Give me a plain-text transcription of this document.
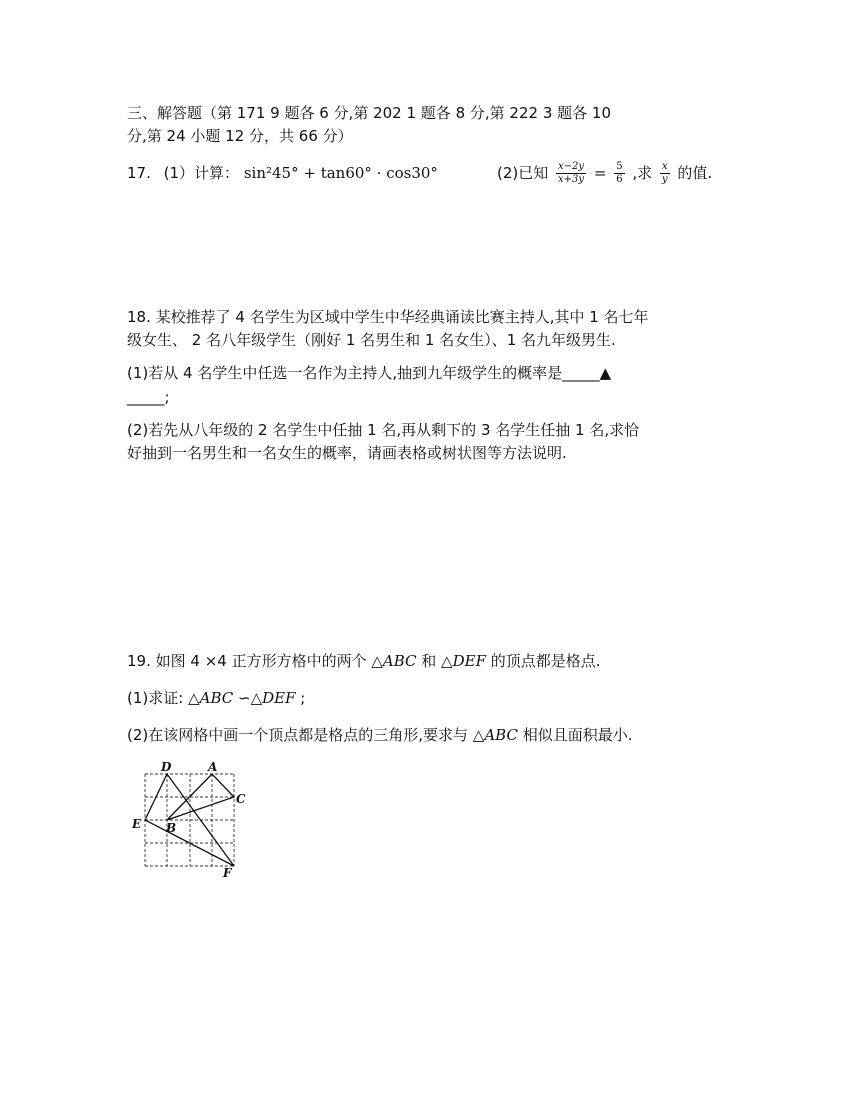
三、解答题（第 171 9 题各 6 分,第 202 1 题各 8 分,第 222 3 题各 10
分,第 24 小题 12 分，共 66 分）
17. (1）计算： sin²45° + tan60° · cos30°	(2)已知 $\frac{x-2y}{x+3y} = \frac{5}{6}$ ,求 $\frac{x}{y}$ 的值.
18. 某校推荐了 4 名学生为区域中学生中华经典诵读比赛主持人,其中 1 名七年
级女生、 2 名八年级学生（刚好 1 名男生和 1 名女生）、1 名九年级男生.
(1)若从 4 名学生中任选一名作为主持人,抽到九年级学生的概率是_____▲
_____;
(2)若先从八年级的 2 名学生中任抽 1 名,再从剩下的 3 名学生任抽 1 名,求恰
好抽到一名男生和一名女生的概率，请画表格或树状图等方法说明.
19. 如图 4 ×4 正方形方格中的两个 △ABC 和 △DEF 的顶点都是格点.
(1)求证: △ABC ∽△DEF ;
(2)在该网格中画一个顶点都是格点的三角形,要求与 △ABC 相似且面积最小.
D	A
C
E B
F
